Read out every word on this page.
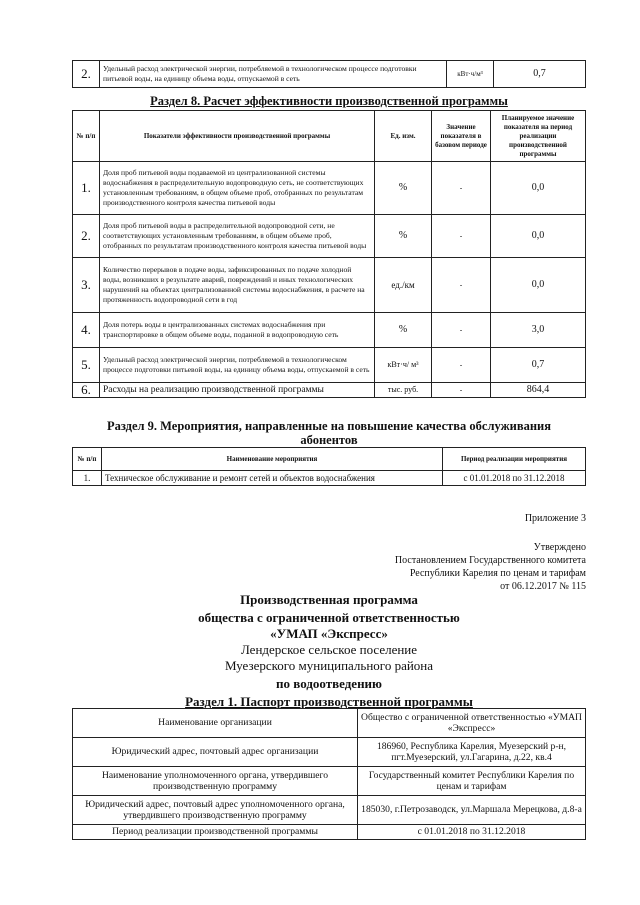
2.	Удельный расход электрической энергии, потребляемой в технологическом процессе подготовки питьевой воды, на единицу объема воды, отпускаемой в сеть	кВт·ч/м³	0,7
Раздел 8. Расчет эффективности производственной программы
№ п/п	Показатели эффективности производственной программы	Ед. изм.	Значение показателя в базовом периоде	Планируемое значение показателя на период реализации производственной программы
1.	Доля проб питьевой воды подаваемой из централизованной системы водоснабжения в распределительную водопроводную сеть, не соответствующих установленным требованиям, в общем объеме проб, отобранных по результатам производственного контроля качества питьевой воды	%	-	0,0
2.	Доля проб питьевой воды в распределительной водопроводной сети, не соответствующих установленным требованиям, в общем объеме проб, отобранных по результатам производственного контроля качества питьевой воды	%	-	0,0
3.	Количество перерывов в подаче воды, зафиксированных по подаче холодной воды, возникших в результате аварий, повреждений и иных технологических нарушений на объектах централизованной системы водоснабжения, в расчете на протяженность водопроводной сети в год	ед./км	-	0,0
4.	Доля потерь воды в централизованных системах водоснабжения при транспортировке в общем объеме воды, поданной в водопроводную сеть	%	-	3,0
5.	Удельный расход электрической энергии, потребляемой в технологическом процессе подготовки питьевой воды, на единицу объема воды, отпускаемой в сеть	кВт·ч/ м³	-	0,7
6.	Расходы на реализацию производственной программы	тыс. руб.	-	864,4
Раздел 9. Мероприятия, направленные на повышение качества обслуживания
абонентов
№ п/п	Наименование мероприятия	Период реализации мероприятия
1.	Техническое обслуживание и ремонт сетей и объектов водоснабжения	с 01.01.2018 по 31.12.2018
Приложение 3
Утверждено
Постановлением Государственного комитета
Республики Карелия по ценам и тарифам
от 06.12.2017 № 115
Производственная программа
общества с ограниченной ответственностью
«УМАП «Экспресс»
Лендерское сельское поселение
Муезерского муниципального района
по водоотведению
Раздел 1. Паспорт производственной программы
Наименование организации	Общество с ограниченной ответственностью «УМАП «Экспресс»
Юридический адрес, почтовый адрес организации	186960, Республика Карелия, Муезерский р-н, пгт.Муезерский, ул.Гагарина, д.22, кв.4
Наименование уполномоченного органа, утвердившего производственную программу	Государственный комитет Республики Карелия по ценам и тарифам
Юридический адрес, почтовый адрес уполномоченного органа, утвердившего производственную программу	185030, г.Петрозаводск, ул.Маршала Мерецкова, д.8-а
Период реализации производственной программы	с 01.01.2018 по 31.12.2018
